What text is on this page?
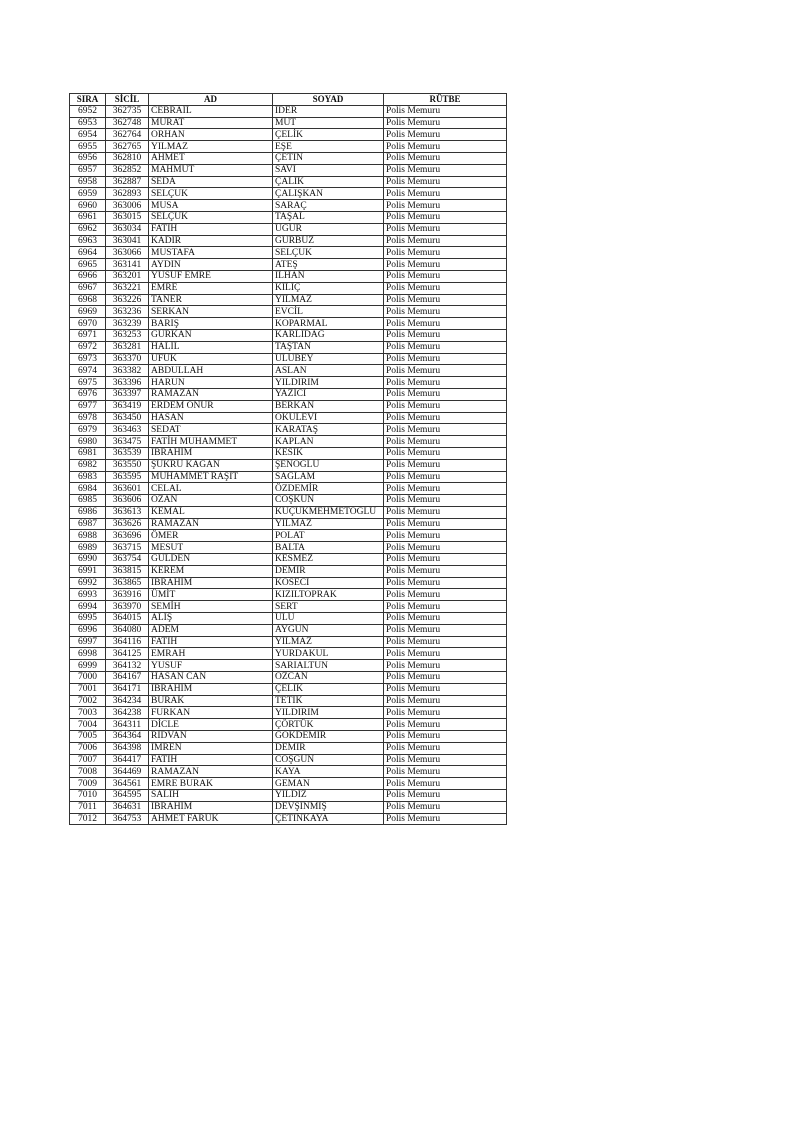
SIRA	SİCİL	AD	SOYAD	RÜTBE
6952	362735	CEBRAİL	İDER	Polis Memuru
6953	362748	MURAT	MUT	Polis Memuru
6954	362764	ORHAN	ÇELİK	Polis Memuru
6955	362765	YILMAZ	EŞE	Polis Memuru
6956	362810	AHMET	ÇETİN	Polis Memuru
6957	362852	MAHMUT	SAVİ	Polis Memuru
6958	362887	SEDA	ÇALIK	Polis Memuru
6959	362893	SELÇUK	ÇALIŞKAN	Polis Memuru
6960	363006	MUSA	SARAÇ	Polis Memuru
6961	363015	SELÇUK	TAŞAL	Polis Memuru
6962	363034	FATİH	UĞUR	Polis Memuru
6963	363041	KADİR	GÜRBÜZ	Polis Memuru
6964	363066	MUSTAFA	SELÇUK	Polis Memuru
6965	363141	AYDIN	ATEŞ	Polis Memuru
6966	363201	YUSUF EMRE	İLHAN	Polis Memuru
6967	363221	EMRE	KILIÇ	Polis Memuru
6968	363226	TANER	YILMAZ	Polis Memuru
6969	363236	SERKAN	EVCİL	Polis Memuru
6970	363239	BARIŞ	KOPARMAL	Polis Memuru
6971	363253	GÜRKAN	KARLIDAĞ	Polis Memuru
6972	363281	HALİL	TAŞTAN	Polis Memuru
6973	363370	UFUK	ULUBEY	Polis Memuru
6974	363382	ABDULLAH	ASLAN	Polis Memuru
6975	363396	HARUN	YILDIRIM	Polis Memuru
6976	363397	RAMAZAN	YAZICI	Polis Memuru
6977	363419	ERDEM ONUR	BERKAN	Polis Memuru
6978	363450	HASAN	OKULEVİ	Polis Memuru
6979	363463	SEDAT	KARATAŞ	Polis Memuru
6980	363475	FATİH MUHAMMET	KAPLAN	Polis Memuru
6981	363539	İBRAHİM	KESİK	Polis Memuru
6982	363550	ŞÜKRÜ KAĞAN	ŞENOĞLU	Polis Memuru
6983	363595	MUHAMMET RAŞİT	SAĞLAM	Polis Memuru
6984	363601	CELAL	ÖZDEMİR	Polis Memuru
6985	363606	OZAN	COŞKUN	Polis Memuru
6986	363613	KEMAL	KÜÇÜKMEHMETOĞLU	Polis Memuru
6987	363626	RAMAZAN	YILMAZ	Polis Memuru
6988	363696	ÖMER	POLAT	Polis Memuru
6989	363715	MESUT	BALTA	Polis Memuru
6990	363754	GÜLDEN	KESMEZ	Polis Memuru
6991	363815	KEREM	DEMİR	Polis Memuru
6992	363865	İBRAHİM	KÖSECİ	Polis Memuru
6993	363916	ÜMİT	KIZILTOPRAK	Polis Memuru
6994	363970	SEMİH	SERT	Polis Memuru
6995	364015	ALİŞ	ULU	Polis Memuru
6996	364080	ADEM	AYGÜN	Polis Memuru
6997	364116	FATİH	YILMAZ	Polis Memuru
6998	364125	EMRAH	YURDAKUL	Polis Memuru
6999	364132	YUSUF	SARIALTUN	Polis Memuru
7000	364167	HASAN CAN	ÖZCAN	Polis Memuru
7001	364171	İBRAHİM	ÇELİK	Polis Memuru
7002	364234	BURAK	TETİK	Polis Memuru
7003	364238	FURKAN	YILDIRIM	Polis Memuru
7004	364311	DİCLE	ÇÖRTÜK	Polis Memuru
7005	364364	RIDVAN	GÖKDEMİR	Polis Memuru
7006	364398	İMREN	DEMİR	Polis Memuru
7007	364417	FATİH	COŞGUN	Polis Memuru
7008	364469	RAMAZAN	KAYA	Polis Memuru
7009	364561	EMRE BURAK	GEMAN	Polis Memuru
7010	364595	SALİH	YILDIZ	Polis Memuru
7011	364631	İBRAHİM	DEVŞİNMİŞ	Polis Memuru
7012	364753	AHMET FARUK	ÇETİNKAYA	Polis Memuru
